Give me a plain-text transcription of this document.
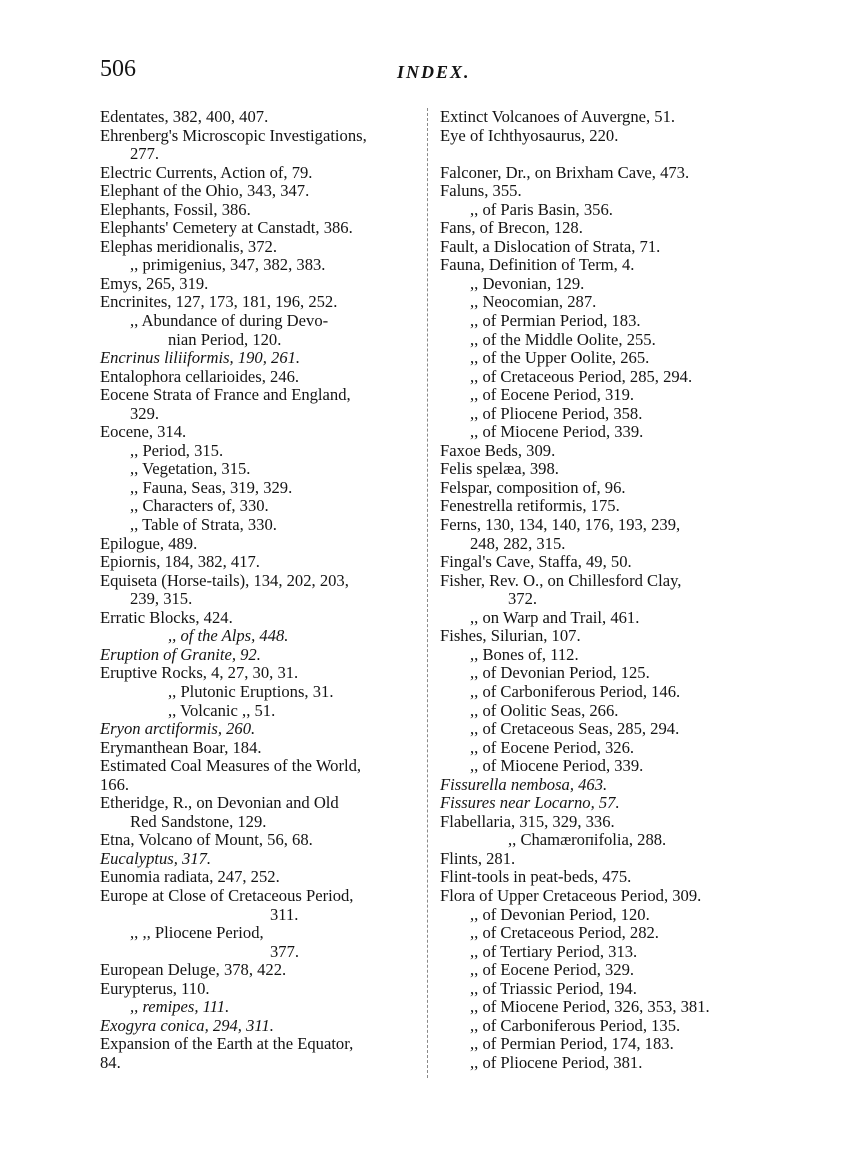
506	INDEX.
Edentates, 382, 400, 407.
Ehrenberg's Microscopic Investigations,
277.
Electric Currents, Action of, 79.
Elephant of the Ohio, 343, 347.
Elephants, Fossil, 386.
Elephants' Cemetery at Canstadt, 386.
Elephas meridionalis, 372.
,, primigenius, 347, 382, 383.
Emys, 265, 319.
Encrinites, 127, 173, 181, 196, 252.
,, Abundance of during Devo-
nian Period, 120.
Encrinus liliiformis, 190, 261.
Entalophora cellarioides, 246.
Eocene Strata of France and England,
329.
Eocene, 314.
,, Period, 315.
,, Vegetation, 315.
,, Fauna, Seas, 319, 329.
,, Characters of, 330.
,, Table of Strata, 330.
Epilogue, 489.
Epiornis, 184, 382, 417.
Equiseta (Horse-tails), 134, 202, 203,
239, 315.
Erratic Blocks, 424.
,, of the Alps, 448.
Eruption of Granite, 92.
Eruptive Rocks, 4, 27, 30, 31.
,, Plutonic Eruptions, 31.
,, Volcanic ,, 51.
Eryon arctiformis, 260.
Erymanthean Boar, 184.
Estimated Coal Measures of the World,
166.
Etheridge, R., on Devonian and Old
Red Sandstone, 129.
Etna, Volcano of Mount, 56, 68.
Eucalyptus, 317.
Eunomia radiata, 247, 252.
Europe at Close of Cretaceous Period,
311.
,, ,, Pliocene Period,
377.
European Deluge, 378, 422.
Eurypterus, 110.
,, remipes, 111.
Exogyra conica, 294, 311.
Expansion of the Earth at the Equator,
84.
Extinct Volcanoes of Auvergne, 51.
Eye of Ichthyosaurus, 220.
Falconer, Dr., on Brixham Cave, 473.
Faluns, 355.
,, of Paris Basin, 356.
Fans, of Brecon, 128.
Fault, a Dislocation of Strata, 71.
Fauna, Definition of Term, 4.
,, Devonian, 129.
,, Neocomian, 287.
,, of Permian Period, 183.
,, of the Middle Oolite, 255.
,, of the Upper Oolite, 265.
,, of Cretaceous Period, 285, 294.
,, of Eocene Period, 319.
,, of Pliocene Period, 358.
,, of Miocene Period, 339.
Faxoe Beds, 309.
Felis spelæa, 398.
Felspar, composition of, 96.
Fenestrella retiformis, 175.
Ferns, 130, 134, 140, 176, 193, 239,
248, 282, 315.
Fingal's Cave, Staffa, 49, 50.
Fisher, Rev. O., on Chillesford Clay,
372.
,, on Warp and Trail, 461.
Fishes, Silurian, 107.
,, Bones of, 112.
,, of Devonian Period, 125.
,, of Carboniferous Period, 146.
,, of Oolitic Seas, 266.
,, of Cretaceous Seas, 285, 294.
,, of Eocene Period, 326.
,, of Miocene Period, 339.
Fissurella nembosa, 463.
Fissures near Locarno, 57.
Flabellaria, 315, 329, 336.
,, Chamærопifolia, 288.
Flints, 281.
Flint-tools in peat-beds, 475.
Flora of Upper Cretaceous Period, 309.
,, of Devonian Period, 120.
,, of Cretaceous Period, 282.
,, of Tertiary Period, 313.
,, of Eocene Period, 329.
,, of Triassic Period, 194.
,, of Miocene Period, 326, 353, 381.
,, of Carboniferous Period, 135.
,, of Permian Period, 174, 183.
,, of Pliocene Period, 381.
